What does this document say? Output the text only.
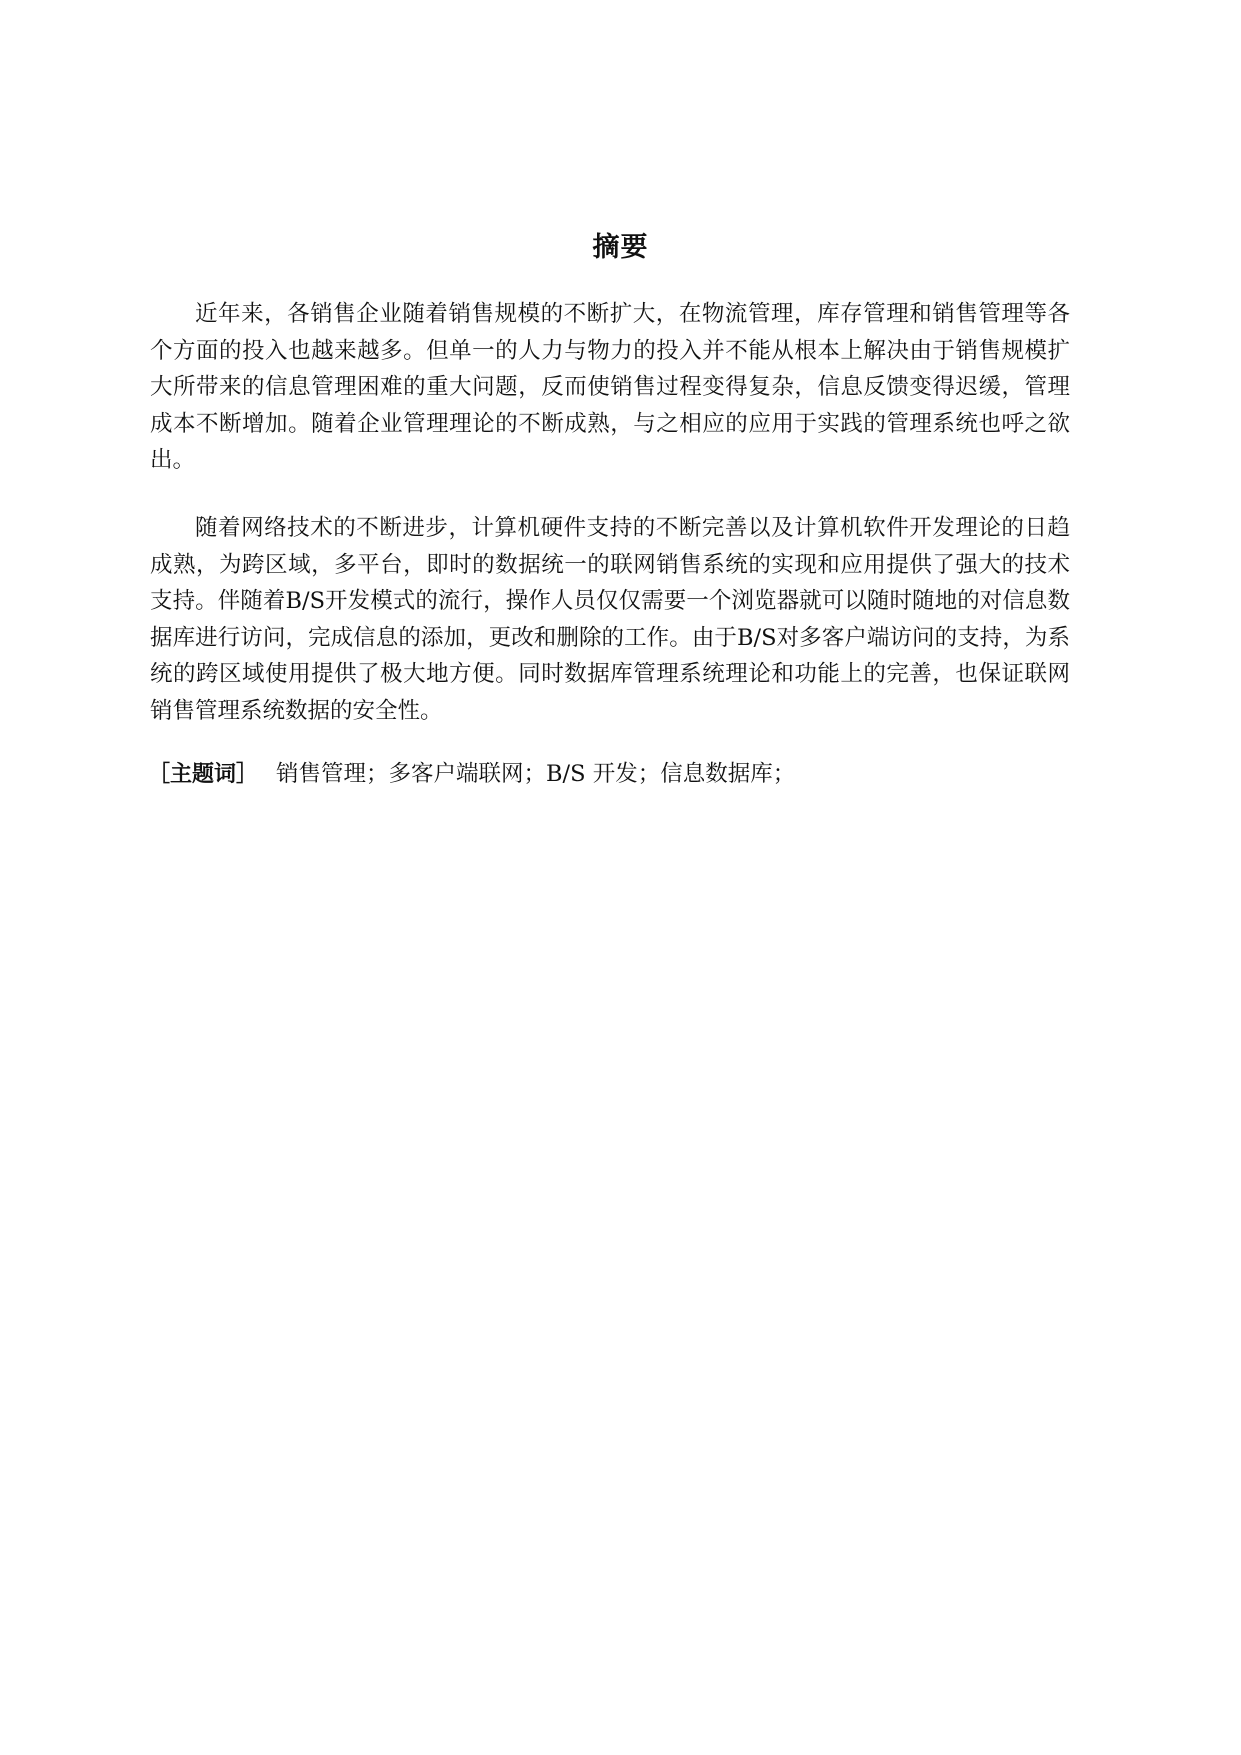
摘要

近年来，各销售企业随着销售规模的不断扩大，在物流管理，库存管理和销售管理等各个方面的投入也越来越多。但单一的人力与物力的投入并不能从根本上解决由于销售规模扩大所带来的信息管理困难的重大问题，反而使销售过程变得复杂，信息反馈变得迟缓，管理成本不断增加。随着企业管理理论的不断成熟，与之相应的应用于实践的管理系统也呼之欲出。

随着网络技术的不断进步，计算机硬件支持的不断完善以及计算机软件开发理论的日趋成熟，为跨区域，多平台，即时的数据统一的联网销售系统的实现和应用提供了强大的技术支持。伴随着B/S开发模式的流行，操作人员仅仅需要一个浏览器就可以随时随地的对信息数据库进行访问，完成信息的添加，更改和删除的工作。由于B/S对多客户端访问的支持，为系统的跨区域使用提供了极大地方便。同时数据库管理系统理论和功能上的完善，也保证联网销售管理系统数据的安全性。

［主题词］ 销售管理；多客户端联网；B/S 开发；信息数据库；
